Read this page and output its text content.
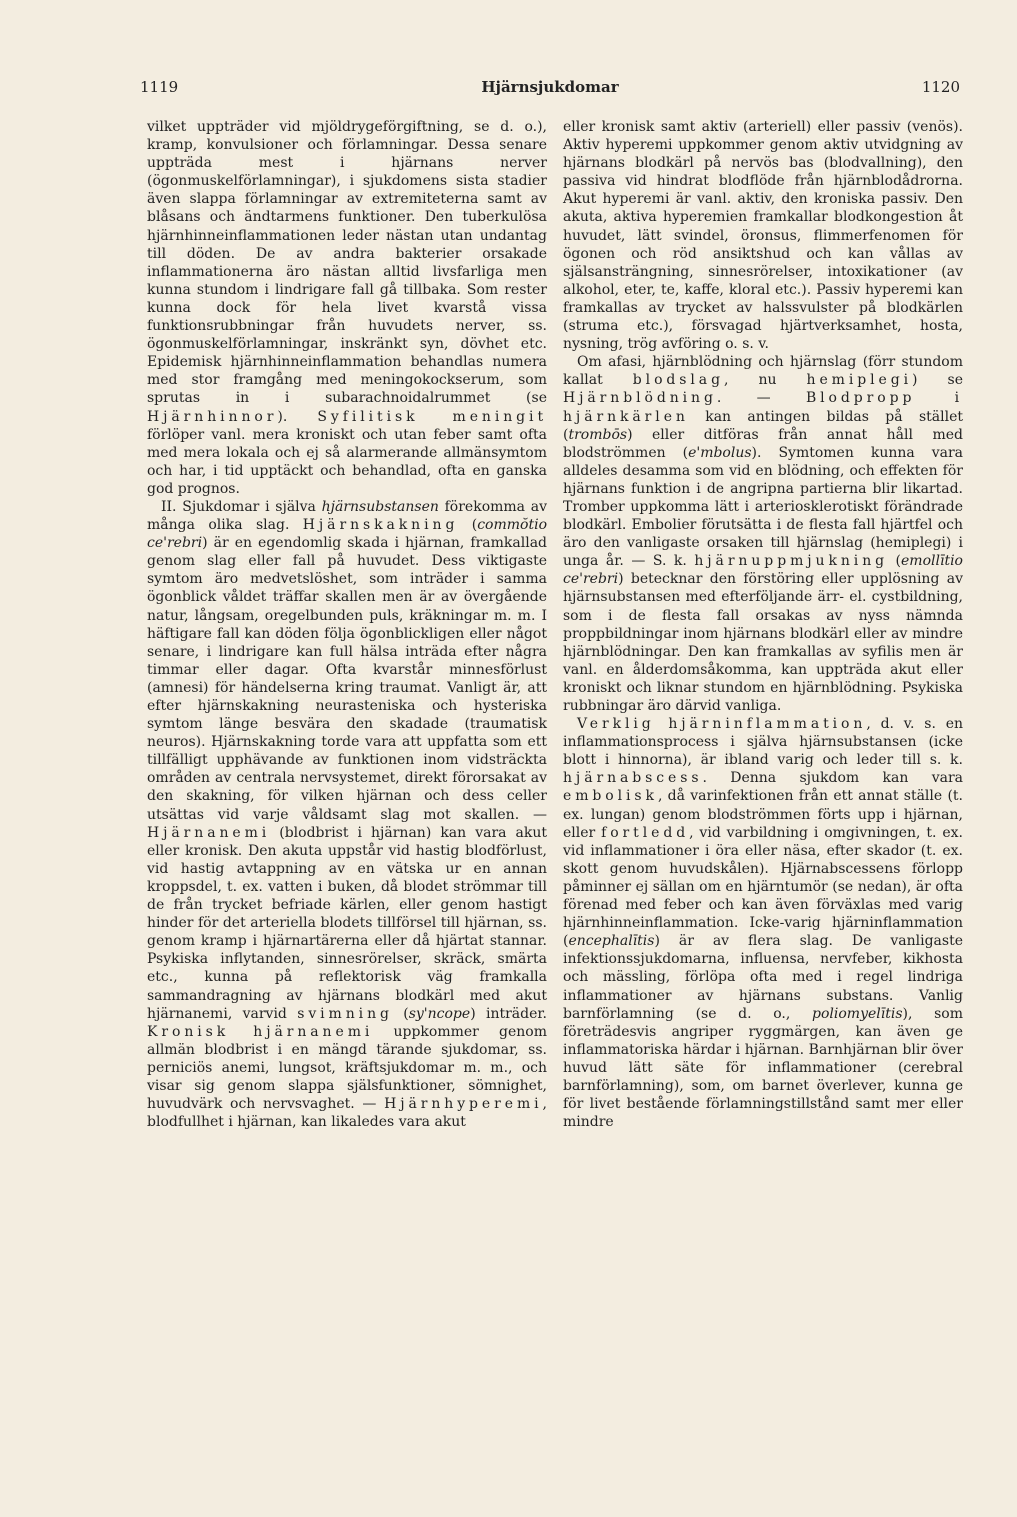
1119	Hjärnsjukdomar	1120

vilket uppträder vid mjöldrygeförgiftning, se d. o.), kramp, konvulsioner och förlamningar. Dessa senare uppträda mest i hjärnans nerver (ögonmuskelförlamningar), i sjukdomens sista stadier även slappa förlamningar av extremiteterna samt av blåsans och ändtarmens funktioner. Den tuberkulösa hjärnhinneinflammationen leder nästan utan undantag till döden. De av andra bakterier orsakade inflammationerna äro nästan alltid livsfarliga men kunna stundom i lindrigare fall gå tillbaka. Som rester kunna dock för hela livet kvarstå vissa funktionsrubbningar från huvudets nerver, ss. ögonmuskelförlamningar, inskränkt syn, dövhet etc. Epidemisk hjärnhinneinflammation behandlas numera med stor framgång med meningokockserum, som sprutas in i subarachnoidalrummet (se Hjärnhinnor). Syfilitisk meningit förlöper vanl. mera kroniskt och utan feber samt ofta med mera lokala och ej så alarmerande allmänsymtom och har, i tid upptäckt och behandlad, ofta en ganska god prognos.

II. Sjukdomar i själva hjärnsubstansen förekomma av många olika slag. Hjärnskakning (commŏtio ce'rebri) är en egendomlig skada i hjärnan, framkallad genom slag eller fall på huvudet. Dess viktigaste symtom äro medvetslöshet, som inträder i samma ögonblick våldet träffar skallen men är av övergående natur, långsam, oregelbunden puls, kräkningar m. m. I häftigare fall kan döden följa ögonblickligen eller något senare, i lindrigare kan full hälsa inträda efter några timmar eller dagar. Ofta kvarstår minnesförlust (amnesi) för händelserna kring traumat. Vanligt är, att efter hjärnskakning neurasteniska och hysteriska symtom länge besvära den skadade (traumatisk neuros). Hjärnskakning torde vara att uppfatta som ett tillfälligt upphävande av funktionen inom vidsträckta områden av centrala nervsystemet, direkt förorsakat av den skakning, för vilken hjärnan och dess celler utsättas vid varje våldsamt slag mot skallen. — Hjärnanemi (blodbrist i hjärnan) kan vara akut eller kronisk. Den akuta uppstår vid hastig blodförlust, vid hastig avtappning av en vätska ur en annan kroppsdel, t. ex. vatten i buken, då blodet strömmar till de från trycket befriade kärlen, eller genom hastigt hinder för det arteriella blodets tillförsel till hjärnan, ss. genom kramp i hjärnartärerna eller då hjärtat stannar. Psykiska inflytanden, sinnesrörelser, skräck, smärta etc., kunna på reflektorisk väg framkalla sammandragning av hjärnans blodkärl med akut hjärnanemi, varvid svimning (sy'ncope) inträder. Kronisk hjärnanemi uppkommer genom allmän blodbrist i en mängd tärande sjukdomar, ss. perniciös anemi, lungsot, kräftsjukdomar m. m., och visar sig genom slappa själsfunktioner, sömnighet, huvudvärk och nervsvaghet. — Hjärnhyperemi, blodfullhet i hjärnan, kan likaledes vara akut

eller kronisk samt aktiv (arteriell) eller passiv (venös). Aktiv hyperemi uppkommer genom aktiv utvidgning av hjärnans blodkärl på nervös bas (blodvallning), den passiva vid hindrat blodflöde från hjärnblodådrorna. Akut hyperemi är vanl. aktiv, den kroniska passiv. Den akuta, aktiva hyperemien framkallar blodkongestion åt huvudet, lätt svindel, öronsus, flimmerfenomen för ögonen och röd ansiktshud och kan vållas av själsansträngning, sinnesrörelser, intoxikationer (av alkohol, eter, te, kaffe, kloral etc.). Passiv hyperemi kan framkallas av trycket av halssvulster på blodkärlen (struma etc.), försvagad hjärtverksamhet, hosta, nysning, trög avföring o. s. v.

Om afasi, hjärnblödning och hjärnslag (förr stundom kallat blodslag, nu hemiplegi) se Hjärnblödning. — Blodpropp i hjärnkärlen kan antingen bildas på stället (trombōs) eller ditföras från annat håll med blodströmmen (e'mbolus). Symtomen kunna vara alldeles desamma som vid en blödning, och effekten för hjärnans funktion i de angripna partierna blir likartad. Tromber uppkomma lätt i arteriosklerotiskt förändrade blodkärl. Embolier förutsätta i de flesta fall hjärtfel och äro den vanligaste orsaken till hjärnslag (hemiplegi) i unga år. — S. k. hjärnuppmjukning (emollītio ce'rebri) betecknar den förstöring eller upplösning av hjärnsubstansen med efterföljande ärr- el. cystbildning, som i de flesta fall orsakas av nyss nämnda proppbildningar inom hjärnans blodkärl eller av mindre hjärnblödningar. Den kan framkallas av syfilis men är vanl. en ålderdomsåkomma, kan uppträda akut eller kroniskt och liknar stundom en hjärnblödning. Psykiska rubbningar äro därvid vanliga.

Verklig hjärninflammation, d. v. s. en inflammationsprocess i själva hjärnsubstansen (icke blott i hinnorna), är ibland varig och leder till s. k. hjärnabscess. Denna sjukdom kan vara embolisk, då varinfektionen från ett annat ställe (t. ex. lungan) genom blodströmmen förts upp i hjärnan, eller fortledd, vid varbildning i omgivningen, t. ex. vid inflammationer i öra eller näsa, efter skador (t. ex. skott genom huvudskålen). Hjärnabscessens förlopp påminner ej sällan om en hjärntumör (se nedan), är ofta förenad med feber och kan även förväxlas med varig hjärnhinneinflammation. Icke-varig hjärninflammation (encephalītis) är av flera slag. De vanligaste infektionssjukdomarna, influensa, nervfeber, kikhosta och mässling, förlöpa ofta med i regel lindriga inflammationer av hjärnans substans. Vanlig barnförlamning (se d. o., poliomyelītis), som företrädesvis angriper ryggmärgen, kan även ge inflammatoriska härdar i hjärnan. Barnhjärnan blir över huvud lätt säte för inflammationer (cerebral barnförlamning), som, om barnet överlever, kunna ge för livet bestående förlamningstillstånd samt mer eller mindre
